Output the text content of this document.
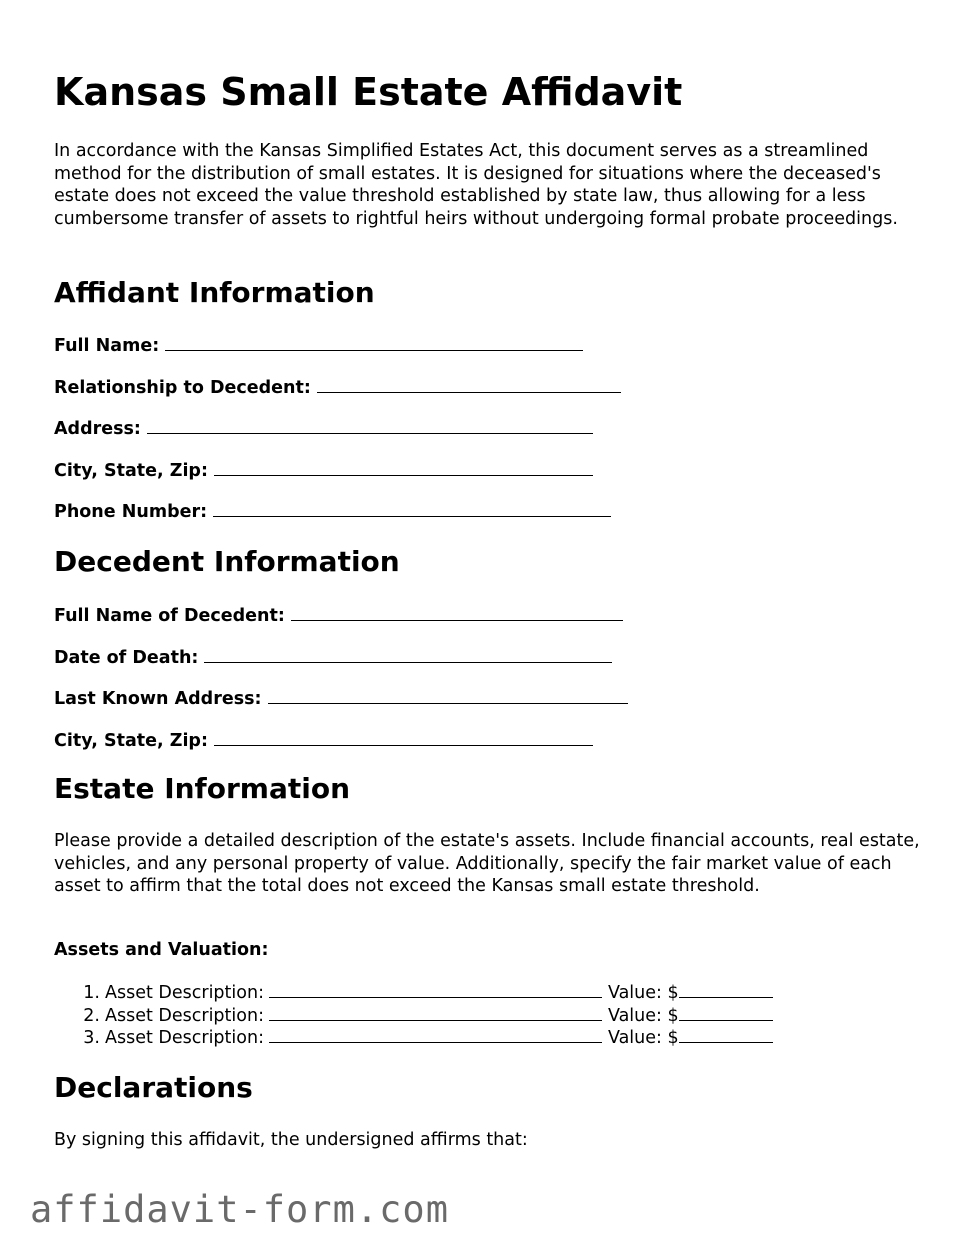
Kansas Small Estate Affidavit

In accordance with the Kansas Simplified Estates Act, this document serves as a streamlined method for the distribution of small estates. It is designed for situations where the deceased's estate does not exceed the value threshold established by state law, thus allowing for a less cumbersome transfer of assets to rightful heirs without undergoing formal probate proceedings.

Affidant Information
Full Name:
Relationship to Decedent:
Address:
City, State, Zip:
Phone Number:
Decedent Information
Full Name of Decedent:
Date of Death:
Last Known Address:
City, State, Zip:
Estate Information

Please provide a detailed description of the estate's assets. Include financial accounts, real estate, vehicles, and any personal property of value. Additionally, specify the fair market value of each asset to affirm that the total does not exceed the Kansas small estate threshold.

Assets and Valuation:
1. Asset Description:	Value: $
2. Asset Description:	Value: $
3. Asset Description:	Value: $
Declarations

By signing this affidavit, the undersigned affirms that:

affidavit-form.com
